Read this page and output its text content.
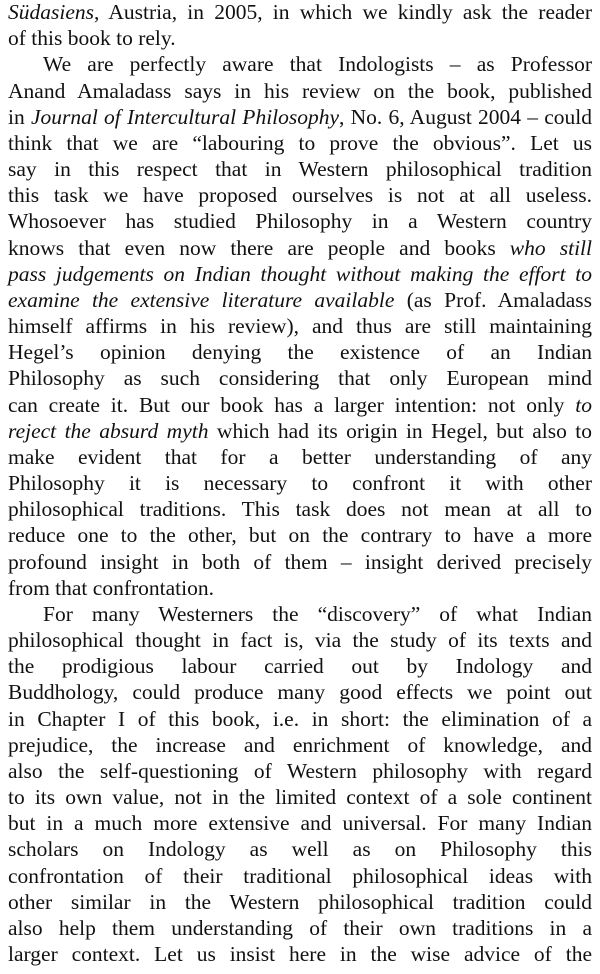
Südasiens, Austria, in 2005, in which we kindly ask the reader
of this book to rely.
We are perfectly aware that Indologists – as Professor
Anand Amaladass says in his review on the book, published
in Journal of Intercultural Philosophy, No. 6, August 2004 – could
think that we are “labouring to prove the obvious”. Let us
say in this respect that in Western philosophical tradition
this task we have proposed ourselves is not at all useless.
Whosoever has studied Philosophy in a Western country
knows that even now there are people and books who still
pass judgements on Indian thought without making the effort to
examine the extensive literature available (as Prof. Amaladass
himself affirms in his review), and thus are still maintaining
Hegel’s opinion denying the existence of an Indian
Philosophy as such considering that only European mind
can create it. But our book has a larger intention: not only to
reject the absurd myth which had its origin in Hegel, but also to
make evident that for a better understanding of any
Philosophy it is necessary to confront it with other
philosophical traditions. This task does not mean at all to
reduce one to the other, but on the contrary to have a more
profound insight in both of them – insight derived precisely
from that confrontation.
For many Westerners the “discovery” of what Indian
philosophical thought in fact is, via the study of its texts and
the prodigious labour carried out by Indology and
Buddhology, could produce many good effects we point out
in Chapter I of this book, i.e. in short: the elimination of a
prejudice, the increase and enrichment of knowledge, and
also the self-questioning of Western philosophy with regard
to its own value, not in the limited context of a sole continent
but in a much more extensive and universal. For many Indian
scholars on Indology as well as on Philosophy this
confrontation of their traditional philosophical ideas with
other similar in the Western philosophical tradition could
also help them understanding of their own traditions in a
larger context. Let us insist here in the wise advice of the
